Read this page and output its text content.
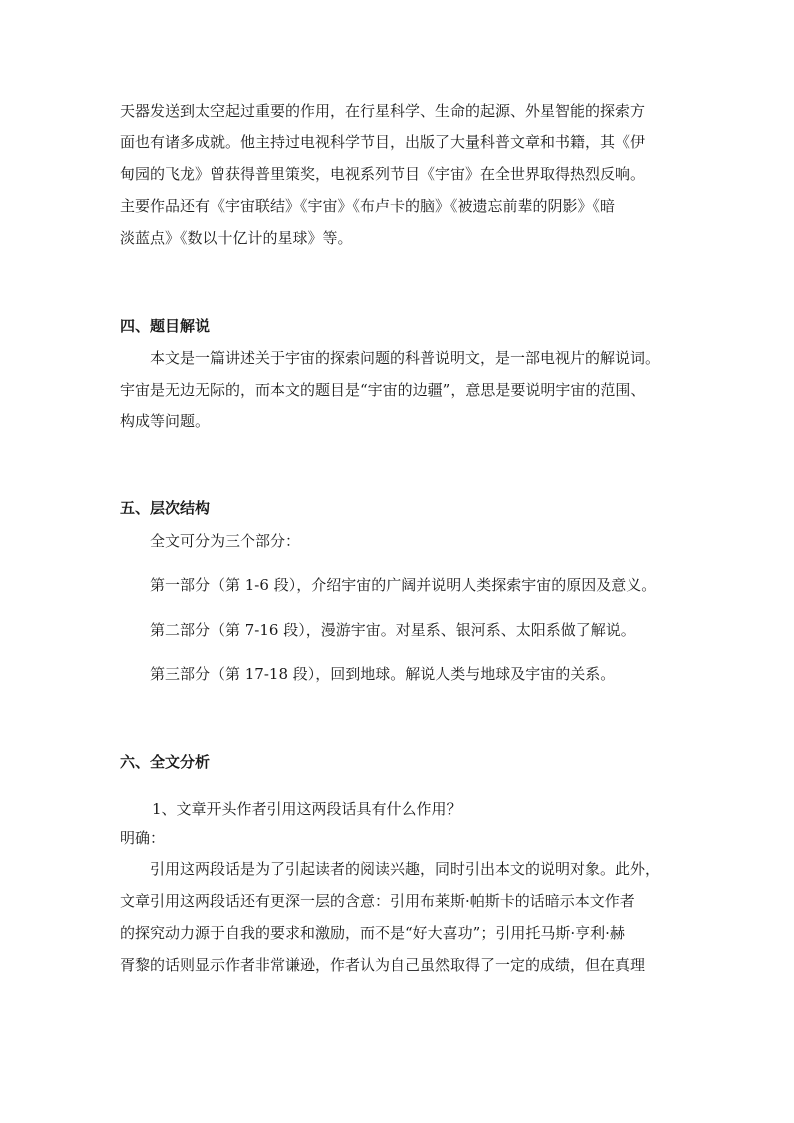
天器发送到太空起过重要的作用，在行星科学、生命的起源、外星智能的探索方
面也有诸多成就。他主持过电视科学节目，出版了大量科普文章和书籍，其《伊
甸园的飞龙》曾获得普里策奖，电视系列节目《宇宙》在全世界取得热烈反响。
主要作品还有《宇宙联结》《宇宙》《布卢卡的脑》《被遗忘前辈的阴影》《暗
淡蓝点》《数以十亿计的星球》等。
四、题目解说
本文是一篇讲述关于宇宙的探索问题的科普说明文，是一部电视片的解说词。
宇宙是无边无际的，而本文的题目是“宇宙的边疆”，意思是要说明宇宙的范围、
构成等问题。
五、层次结构
全文可分为三个部分：
第一部分（第 1-6 段），介绍宇宙的广阔并说明人类探索宇宙的原因及意义。
第二部分（第 7-16 段），漫游宇宙。对星系、银河系、太阳系做了解说。
第三部分（第 17-18 段），回到地球。解说人类与地球及宇宙的关系。
六、全文分析
1、文章开头作者引用这两段话具有什么作用？
明确：
引用这两段话是为了引起读者的阅读兴趣，同时引出本文的说明对象。此外，
文章引用这两段话还有更深一层的含意：引用布莱斯·帕斯卡的话暗示本文作者
的探究动力源于自我的要求和激励，而不是“好大喜功”；引用托马斯·亨利·赫
胥黎的话则显示作者非常谦逊，作者认为自己虽然取得了一定的成绩，但在真理
